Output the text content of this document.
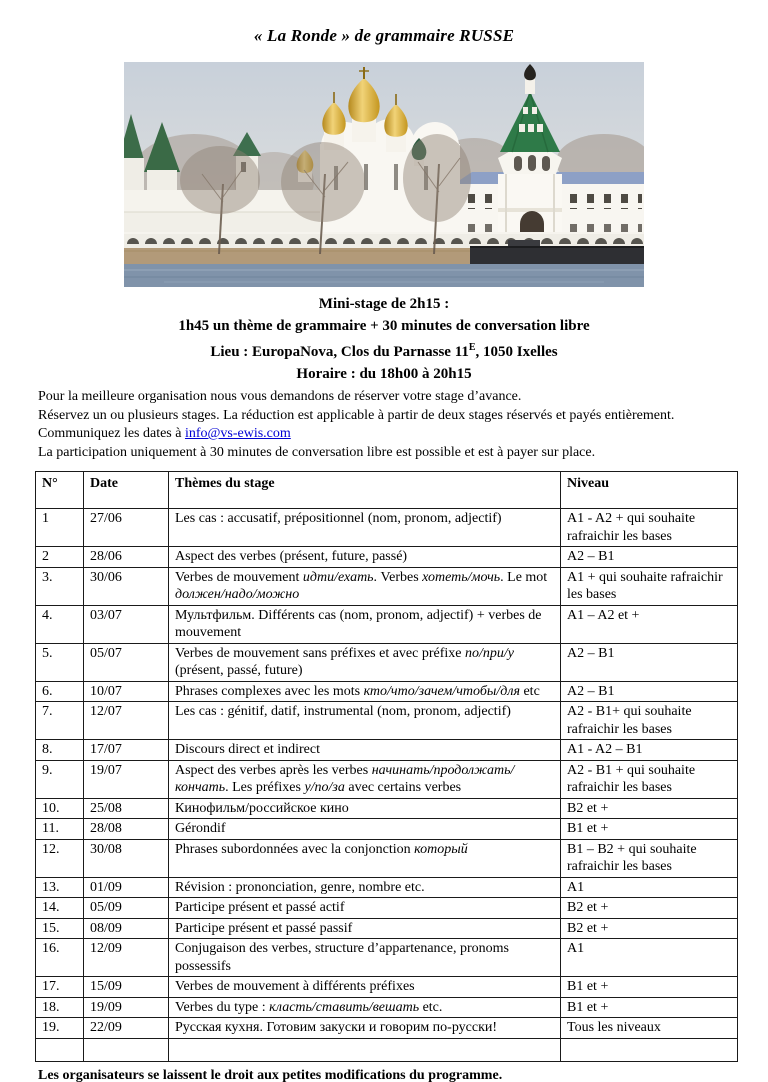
« La Ronde » de grammaire RUSSE
Mini-stage de 2h15 :
1h45 un thème de grammaire + 30 minutes de conversation libre
Lieu : EuropaNova, Clos du Parnasse $11^E$, 1050 Ixelles
Horaire : du 18h00 à 20h15
Pour la meilleure organisation nous vous demandons de réserver votre stage d’avance.
Réservez un ou plusieurs stages. La réduction est applicable à partir de deux stages réservés et payés entièrement. Communiquez les dates à info@vs-ewis.com
La participation uniquement à 30 minutes de conversation libre est possible et est à payer sur place.
N°	Date	Thèmes du stage	Niveau
1	27/06	Les cas : accusatif, prépositionnel (nom, pronom, adjectif)	A1 - A2 + qui souhaite rafraichir les bases
2	28/06	Aspect des verbes (présent, future, passé)	A2 – B1
3.	30/06	Verbes de mouvement идти/ехать. Verbes хотеть/мочь. Le mot должен/надо/можно	A1 + qui souhaite rafraichir les bases
4.	03/07	Мультфильм. Différents cas (nom, pronom, adjectif) + verbes de mouvement	A1 – A2 et +
5.	05/07	Verbes de mouvement sans préfixes et avec préfixe по/при/у (présent, passé, future)	A2 – B1
6.	10/07	Phrases complexes avec les mots кто/что/зачем/чтобы/для etc	A2 – B1
7.	12/07	Les cas : génitif, datif, instrumental (nom, pronom, adjectif)	A2 - B1+ qui souhaite rafraichir les bases
8.	17/07	Discours direct et indirect	A1 - A2 – B1
9.	19/07	Aspect des verbes après les verbes начинать/продолжать/кончать. Les préfixes у/по/за avec certains verbes	A2 - B1 + qui souhaite rafraichir les bases
10.	25/08	Кинофильм/российское кино	B2 et +
11.	28/08	Gérondif	B1 et +
12.	30/08	Phrases subordonnées avec la conjonction который	B1 – B2 + qui souhaite rafraichir les bases
13.	01/09	Révision : prononciation, genre, nombre etc.	A1
14.	05/09	Participe présent et passé actif	B2 et +
15.	08/09	Participe présent et passé passif	B2 et +
16.	12/09	Conjugaison des verbes, structure d’appartenance, pronoms possessifs	A1
17.	15/09	Verbes de mouvement à différents préfixes	B1 et +
18.	19/09	Verbes du type : класть/ставить/вешать etc.	B1 et +
19.	22/09	Русская кухня. Готовим закуски и говорим по-русски!	Tous les niveaux

Les organisateurs se laissent le droit aux petites modifications du programme.
